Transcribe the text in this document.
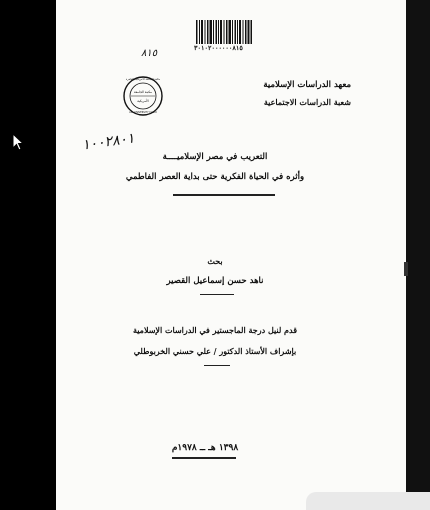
٣٠١٠٢٠٠٠٠٠٠٨١٥
٨١٥
مكتبة الجامعة
الأمريكية
مكتبة الجامعة الأمريكية بالقاهرة
AM. UNIVERSITY CAIRO
١٠٠٢٨٠١
معهد الدراسات الإسلامية
شعبة الدراسات الاجتماعية
التعريب في مصر الإسلاميــــة
وأثره في الحياة الفكرية حتى بداية العصر الفاطمي
بحث
ناهد حسن إسماعيل القصير
قدم لنيل درجة الماجستير في الدراسات الإسلامية
بإشراف الأستاذ الدكتور / علي حسني الخربوطلي
١٣٩٨ هـ ــ ١٩٧٨م
